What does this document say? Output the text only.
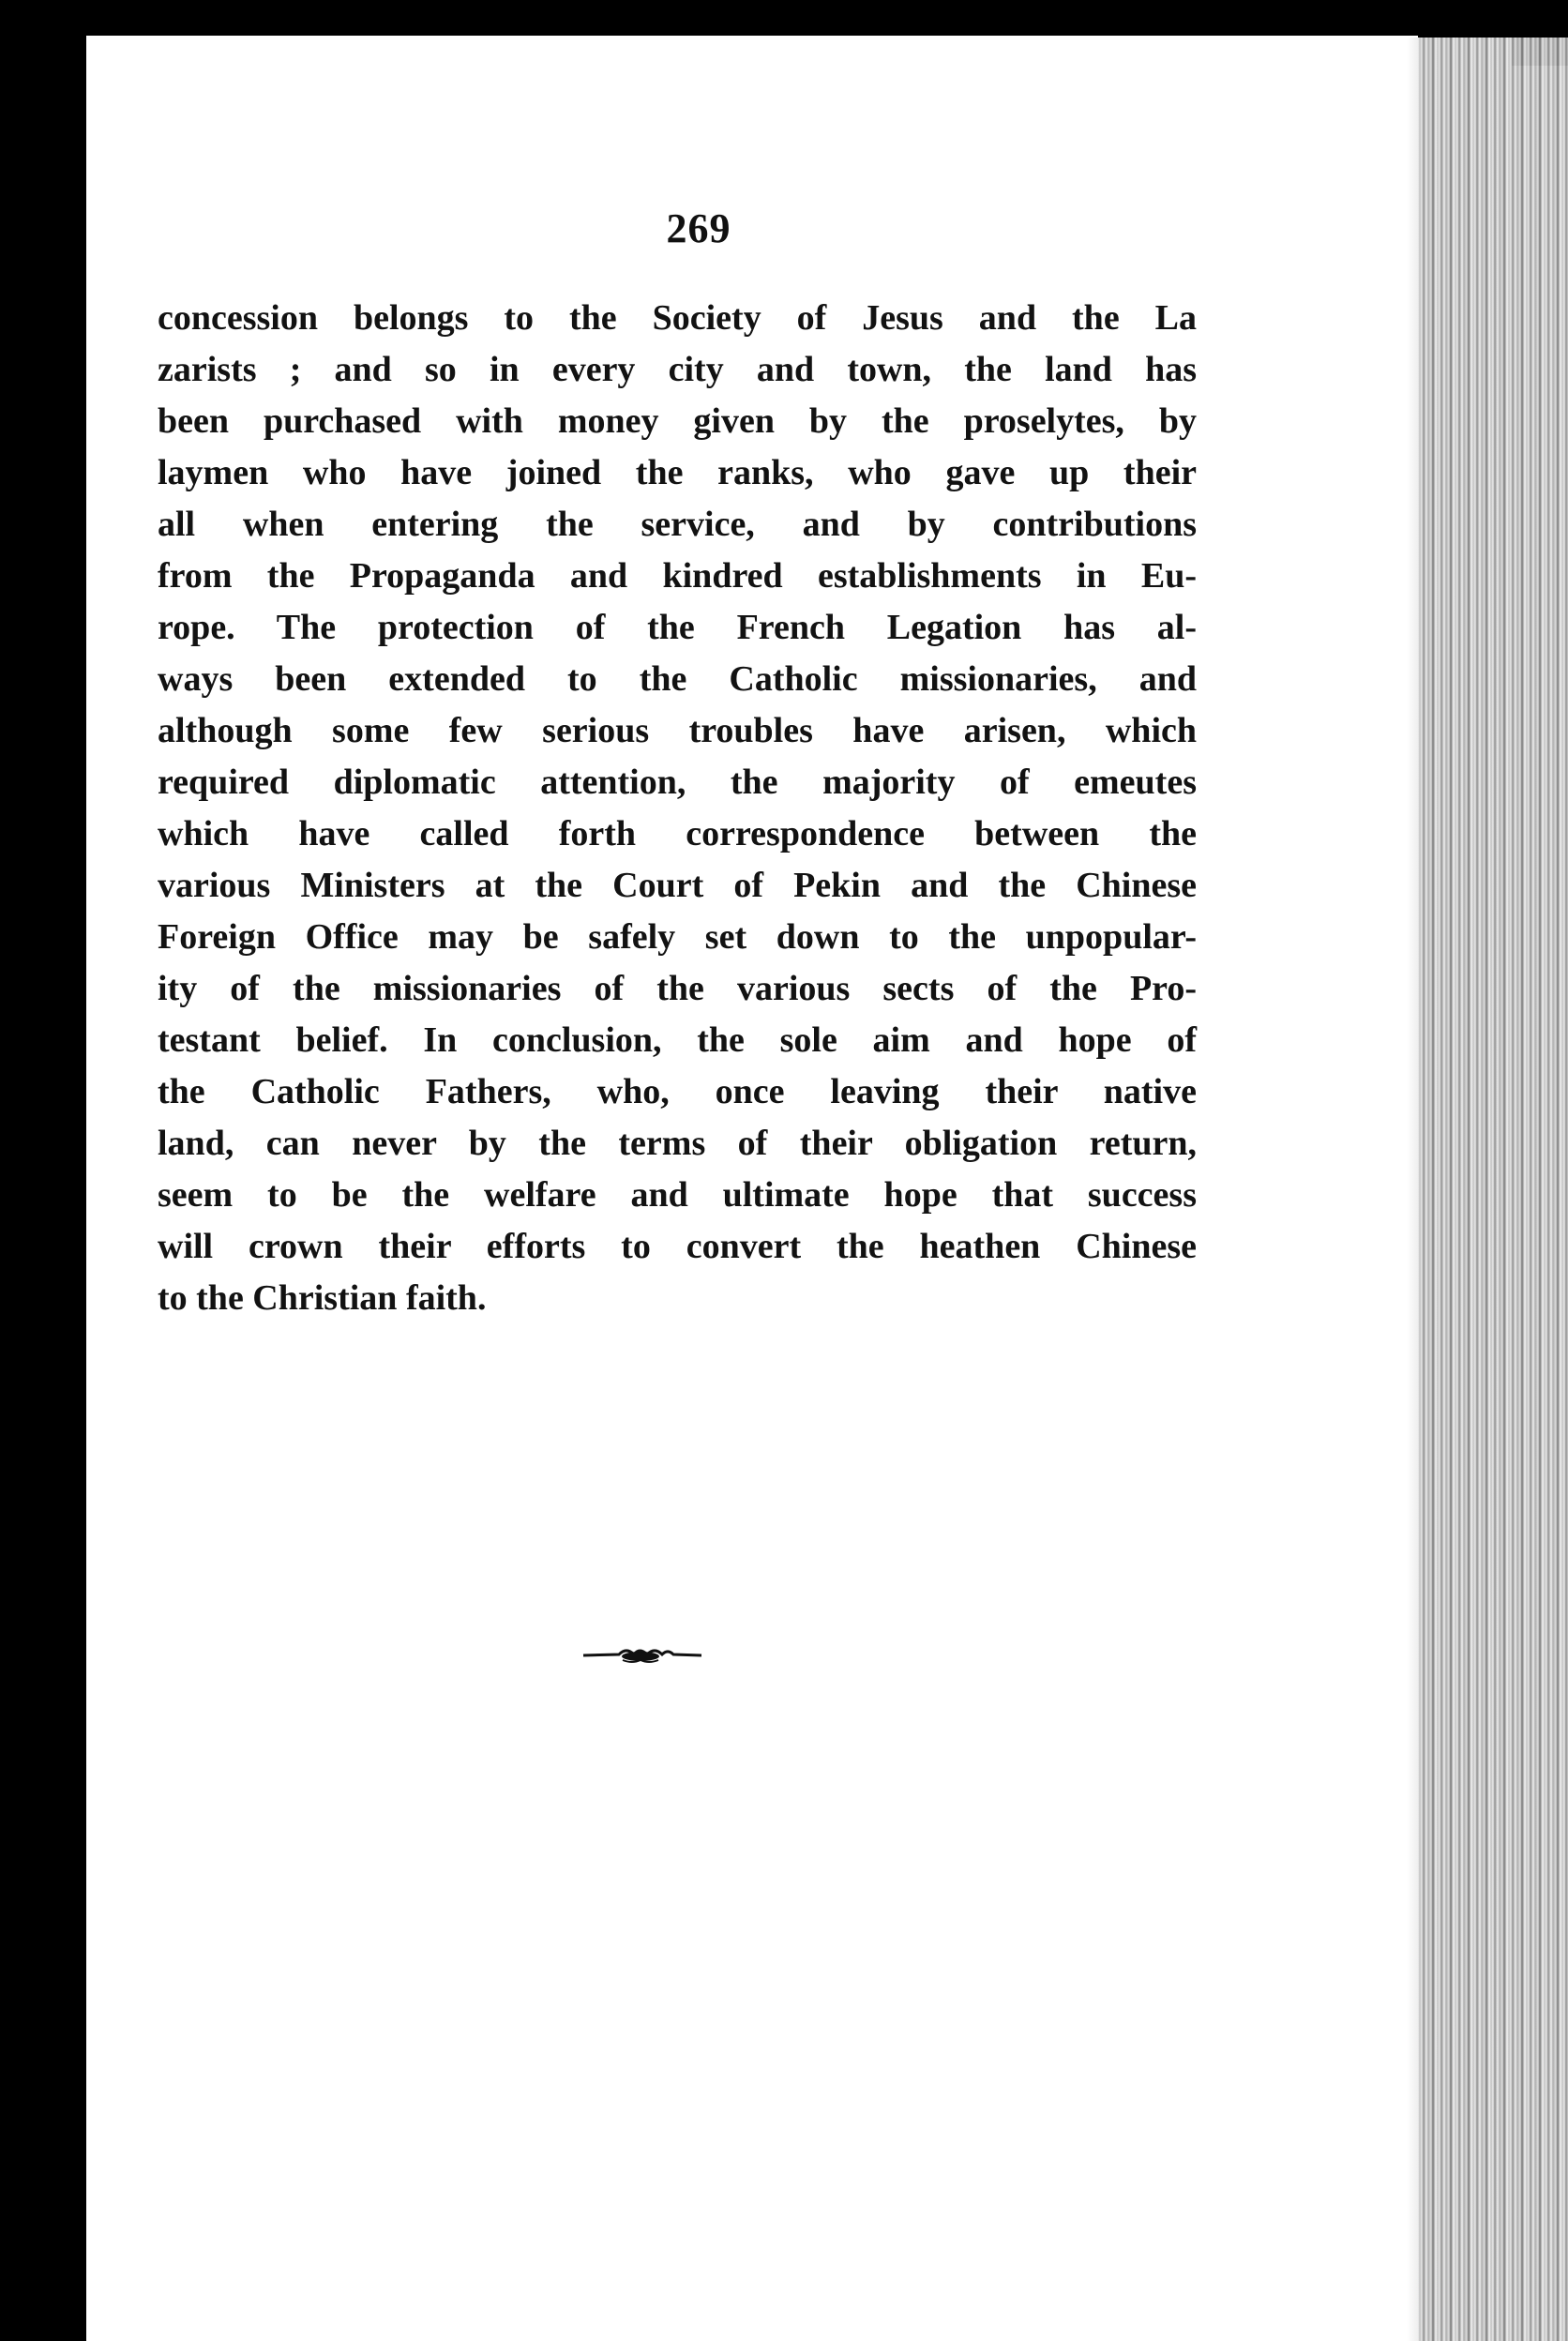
269
concession belongs to the Society of Jesus and the La
zarists ; and so in every city and town, the land has
been purchased with money given by the proselytes, by
laymen who have joined the ranks, who gave up their
all when entering the service, and by contributions
from the Propaganda and kindred establishments in Eu-
rope. The protection of the French Legation has al-
ways been extended to the Catholic missionaries, and
although some few serious troubles have arisen, which
required diplomatic attention, the majority of emeutes
which have called forth correspondence between the
various Ministers at the Court of Pekin and the Chinese
Foreign Office may be safely set down to the unpopular-
ity of the missionaries of the various sects of the Pro-
testant belief. In conclusion, the sole aim and hope of
the Catholic Fathers, who, once leaving their native
land, can never by the terms of their obligation return,
seem to be the welfare and ultimate hope that success
will crown their efforts to convert the heathen Chinese
to the Christian faith.
